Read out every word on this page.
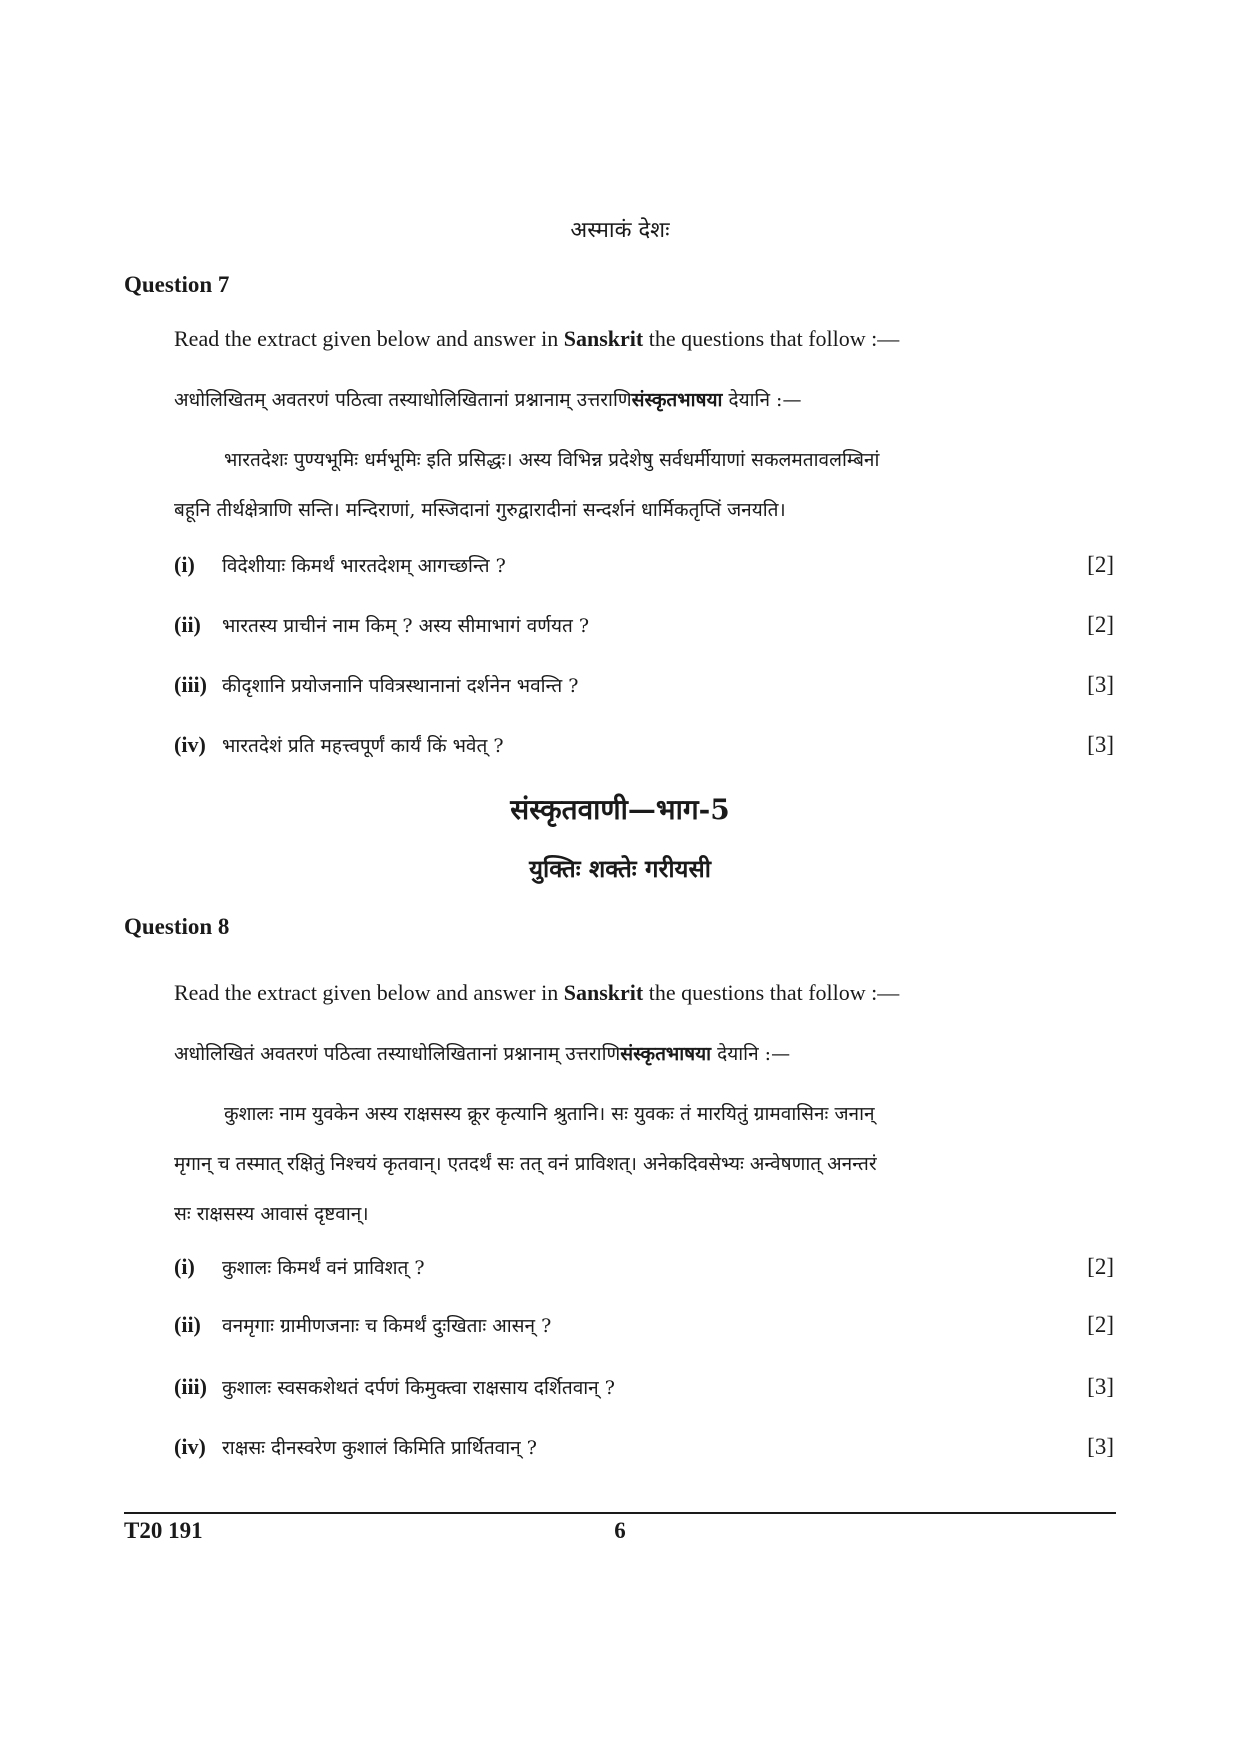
अस्माकं देशः
Question 7
Read the extract given below and answer in Sanskrit the questions that follow :—
अधोलिखितम् अवतरणं पठित्वा तस्याधोलिखितानां प्रश्नानाम् उत्तराणिसंस्कृतभाषया देयानि :—
भारतदेशः पुण्यभूमिः धर्मभूमिः इति प्रसिद्धः। अस्य विभिन्न प्रदेशेषु सर्वधर्मीयाणां सकलमतावलम्बिनां
बहूनि तीर्थक्षेत्राणि सन्ति। मन्दिराणां, मस्जिदानां गुरुद्वारादीनां सन्दर्शनं धार्मिकतृप्तिं जनयति।
(i) विदेशीयाः किमर्थं भारतदेशम् आगच्छन्ति ?	[2]
(ii) भारतस्य प्राचीनं नाम किम् ? अस्य सीमाभागं वर्णयत ?	[2]
(iii) कीदृशानि प्रयोजनानि पवित्रस्थानानां दर्शनेन भवन्ति ?	[3]
(iv) भारतदेशं प्रति महत्त्वपूर्णं कार्यं किं भवेत् ?	[3]
संस्कृतवाणी—भाग-5
युक्तिः शक्तेः गरीयसी
Question 8
Read the extract given below and answer in Sanskrit the questions that follow :—
अधोलिखितं अवतरणं पठित्वा तस्याधोलिखितानां प्रश्नानाम् उत्तराणिसंस्कृतभाषया देयानि :—
कुशालः नाम युवकेन अस्य राक्षसस्य क्रूर कृत्यानि श्रुतानि। सः युवकः तं मारयितुं ग्रामवासिनः जनान्
मृगान् च तस्मात् रक्षितुं निश्चयं कृतवान्। एतदर्थं सः तत् वनं प्राविशत्। अनेकदिवसेभ्यः अन्वेषणात् अनन्तरं
सः राक्षसस्य आवासं दृष्टवान्।
(i) कुशालः किमर्थं वनं प्राविशत् ?	[2]
(ii) वनमृगाः ग्रामीणजनाः च किमर्थं दुःखिताः आसन् ?	[2]
(iii) कुशालः स्वसकशेथतं दर्पणं किमुक्त्वा राक्षसाय दर्शितवान् ?	[3]
(iv) राक्षसः दीनस्वरेण कुशालं किमिति प्रार्थितवान् ?	[3]
T20 191	6
